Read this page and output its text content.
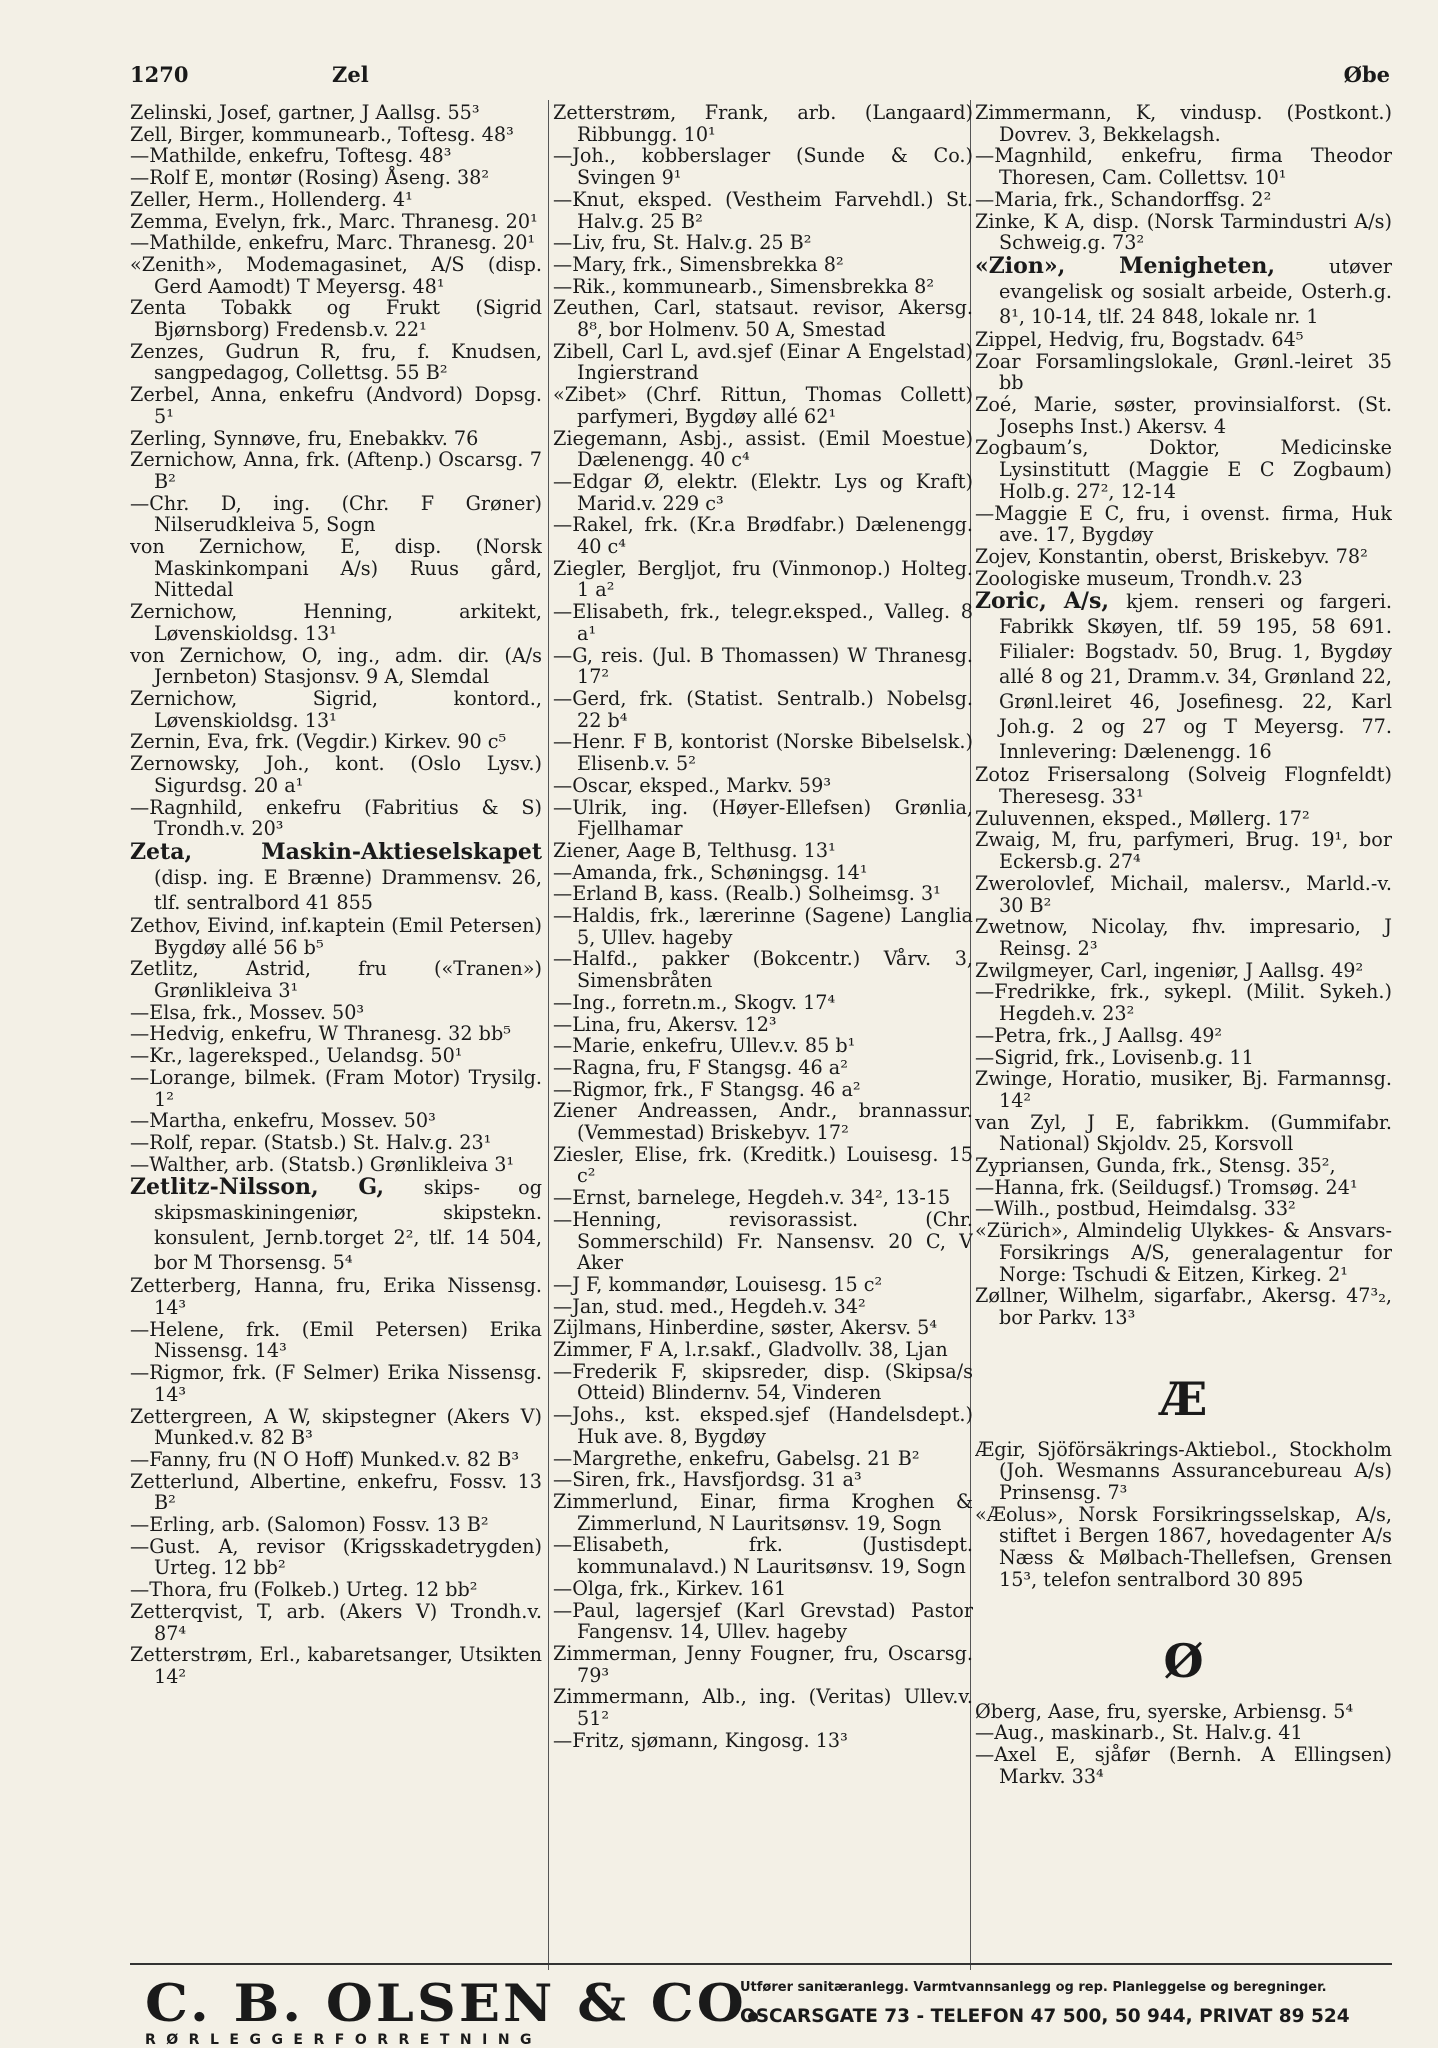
1270	Zel	Øbe

Zelinski, Josef, gartner, J Aallsg. 55³

Zell, Birger, kommunearb., Toftesg. 48³

—Mathilde, enkefru, Toftesg. 48³

—Rolf E, montør (Rosing) Åseng. 38²

Zeller, Herm., Hollenderg. 4¹

Zemma, Evelyn, frk., Marc. Thranesg. 20¹

—Mathilde, enkefru, Marc. Thranesg. 20¹

«Zenith», Modemagasinet, A/S (disp. Gerd Aamodt) T Meyersg. 48¹

Zenta Tobakk og Frukt (Sigrid Bjørnsborg) Fredensb.v. 22¹

Zenzes, Gudrun R, fru, f. Knudsen, sangpedagog, Collettsg. 55 B²

Zerbel, Anna, enkefru (Andvord) Dopsg. 5¹

Zerling, Synnøve, fru, Enebakkv. 76

Zernichow, Anna, frk. (Aftenp.) Oscarsg. 7 B²

—Chr. D, ing. (Chr. F Grøner) Nilserudkleiva 5, Sogn

von Zernichow, E, disp. (Norsk Maskinkompani A/s) Ruus gård, Nittedal

Zernichow, Henning, arkitekt, Løvenskioldsg. 13¹

von Zernichow, O, ing., adm. dir. (A/s Jernbeton) Stasjonsv. 9 A, Slemdal

Zernichow, Sigrid, kontord., Løvenskioldsg. 13¹

Zernin, Eva, frk. (Vegdir.) Kirkev. 90 c⁵

Zernowsky, Joh., kont. (Oslo Lysv.) Sigurdsg. 20 a¹

—Ragnhild, enkefru (Fabritius & S) Trondh.v. 20³

Zeta, Maskin-Aktieselskapet (disp. ing. E Brænne) Drammensv. 26, tlf. sentralbord 41 855

Zethov, Eivind, inf.kaptein (Emil Petersen) Bygdøy allé 56 b⁵

Zetlitz, Astrid, fru («Tranen») Grønlikleiva 3¹

—Elsa, frk., Mossev. 50³

—Hedvig, enkefru, W Thranesg. 32 bb⁵

—Kr., lagereksped., Uelandsg. 50¹

—Lorange, bilmek. (Fram Motor) Trysilg. 1²

—Martha, enkefru, Mossev. 50³

—Rolf, repar. (Statsb.) St. Halv.g. 23¹

—Walther, arb. (Statsb.) Grønlikleiva 3¹

Zetlitz-Nilsson, G, skips- og skipsmaskiningeniør, skipstekn. konsulent, Jernb.torget 2², tlf. 14 504, bor M Thorsensg. 5⁴

Zetterberg, Hanna, fru, Erika Nissensg. 14³

—Helene, frk. (Emil Petersen) Erika Nissensg. 14³

—Rigmor, frk. (F Selmer) Erika Nissensg. 14³

Zettergreen, A W, skipstegner (Akers V) Munked.v. 82 B³

—Fanny, fru (N O Hoff) Munked.v. 82 B³

Zetterlund, Albertine, enkefru, Fossv. 13 B²

—Erling, arb. (Salomon) Fossv. 13 B²

—Gust. A, revisor (Krigsskadetrygden) Urteg. 12 bb²

—Thora, fru (Folkeb.) Urteg. 12 bb²

Zetterqvist, T, arb. (Akers V) Trondh.v. 87⁴

Zetterstrøm, Erl., kabaretsanger, Utsikten 14²

Zetterstrøm, Frank, arb. (Langaard) Ribbungg. 10¹

—Joh., kobberslager (Sunde & Co.) Svingen 9¹

—Knut, eksped. (Vestheim Farvehdl.) St. Halv.g. 25 B²

—Liv, fru, St. Halv.g. 25 B²

—Mary, frk., Simensbrekka 8²

—Rik., kommunearb., Simensbrekka 8²

Zeuthen, Carl, statsaut. revisor, Akersg. 8⁸, bor Holmenv. 50 A, Smestad

Zibell, Carl L, avd.sjef (Einar A Engelstad) Ingierstrand

«Zibet» (Chrf. Rittun, Thomas Collett) parfymeri, Bygdøy allé 62¹

Ziegemann, Asbj., assist. (Emil Moestue) Dælenengg. 40 c⁴

—Edgar Ø, elektr. (Elektr. Lys og Kraft) Marid.v. 229 c³

—Rakel, frk. (Kr.a Brødfabr.) Dælenengg. 40 c⁴

Ziegler, Bergljot, fru (Vinmonop.) Holteg. 1 a²

—Elisabeth, frk., telegr.eksped., Valleg. 8 a¹

—G, reis. (Jul. B Thomassen) W Thranesg. 17²

—Gerd, frk. (Statist. Sentralb.) Nobelsg. 22 b⁴

—Henr. F B, kontorist (Norske Bibelselsk.) Elisenb.v. 5²

—Oscar, eksped., Markv. 59³

—Ulrik, ing. (Høyer-Ellefsen) Grønlia, Fjellhamar

Ziener, Aage B, Telthusg. 13¹

—Amanda, frk., Schøningsg. 14¹

—Erland B, kass. (Realb.) Solheimsg. 3¹

—Haldis, frk., lærerinne (Sagene) Langlia 5, Ullev. hageby

—Halfd., pakker (Bokcentr.) Vårv. 3, Simensbråten

—Ing., forretn.m., Skogv. 17⁴

—Lina, fru, Akersv. 12³

—Marie, enkefru, Ullev.v. 85 b¹

—Ragna, fru, F Stangsg. 46 a²

—Rigmor, frk., F Stangsg. 46 a²

Ziener Andreassen, Andr., brannassur. (Vemmestad) Briskebyv. 17²

Ziesler, Elise, frk. (Kreditk.) Louisesg. 15 c²

—Ernst, barnelege, Hegdeh.v. 34², 13-15

—Henning, revisorassist. (Chr. Sommerschild) Fr. Nansensv. 20 C, V Aker

—J F, kommandør, Louisesg. 15 c²

—Jan, stud. med., Hegdeh.v. 34²

Zijlmans, Hinberdine, søster, Akersv. 5⁴

Zimmer, F A, l.r.sakf., Gladvollv. 38, Ljan

—Frederik F, skipsreder, disp. (Skipsa/s Otteid) Blindernv. 54, Vinderen

—Johs., kst. eksped.sjef (Handelsdept.) Huk ave. 8, Bygdøy

—Margrethe, enkefru, Gabelsg. 21 B²

—Siren, frk., Havsfjordsg. 31 a³

Zimmerlund, Einar, firma Kroghen & Zimmerlund, N Lauritsønsv. 19, Sogn

—Elisabeth, frk. (Justisdept. kommunalavd.) N Lauritsønsv. 19, Sogn

—Olga, frk., Kirkev. 161

—Paul, lagersjef (Karl Grevstad) Pastor Fangensv. 14, Ullev. hageby

Zimmerman, Jenny Fougner, fru, Oscarsg. 79³

Zimmermann, Alb., ing. (Veritas) Ullev.v. 51²

—Fritz, sjømann, Kingosg. 13³

Zimmermann, K, vindusp. (Postkont.) Dovrev. 3, Bekkelagsh.

—Magnhild, enkefru, firma Theodor Thoresen, Cam. Collettsv. 10¹

—Maria, frk., Schandorffsg. 2²

Zinke, K A, disp. (Norsk Tarmindustri A/s) Schweig.g. 73²

«Zion», Menigheten,	utøver evangelisk og sosialt arbeide, Osterh.g. 8¹, 10-14, tlf. 24 848, lokale nr. 1

Zippel, Hedvig, fru, Bogstadv. 64⁵

Zoar Forsamlingslokale, Grønl.-leiret 35 bb

Zoé, Marie, søster, provinsialforst. (St. Josephs Inst.) Akersv. 4

Zogbaum’s, Doktor, Medicinske Lysinstitutt (Maggie E C Zogbaum) Holb.g. 27², 12-14

—Maggie E C, fru, i ovenst. firma, Huk ave. 17, Bygdøy

Zojev, Konstantin, oberst, Briskebyv. 78²

Zoologiske museum, Trondh.v. 23

Zoric, A/s, kjem. renseri og fargeri. Fabrikk Skøyen, tlf. 59 195, 58 691. Filialer: Bogstadv. 50, Brug. 1, Bygdøy allé 8 og 21, Dramm.v. 34, Grønland 22, Grønl.leiret 46, Josefinesg. 22, Karl Joh.g. 2 og 27 og T Meyersg. 77. Innlevering: Dælenengg. 16

Zotoz Frisersalong (Solveig Flognfeldt) Theresesg. 33¹

Zuluvennen, eksped., Møllerg. 17²

Zwaig, M, fru, parfymeri, Brug. 19¹, bor Eckersb.g. 27⁴

Zwerolovlef, Michail, malersv., Marld.-v. 30 B²

Zwetnow, Nicolay, fhv. impresario, J Reinsg. 2³

Zwilgmeyer, Carl, ingeniør, J Aallsg. 49²

—Fredrikke, frk., sykepl. (Milit. Sykeh.) Hegdeh.v. 23²

—Petra, frk., J Aallsg. 49²

—Sigrid, frk., Lovisenb.g. 11

Zwinge, Horatio, musiker, Bj. Farmannsg. 14²

van Zyl, J E, fabrikkm. (Gummifabr. National) Skjoldv. 25, Korsvoll

Zypriansen, Gunda, frk., Stensg. 35²,

—Hanna, frk. (Seildugsf.) Tromsøg. 24¹

—Wilh., postbud, Heimdalsg. 33²

«Zürich», Almindelig Ulykkes- & Ansvars-Forsikrings A/S, generalagentur for Norge: Tschudi & Eitzen, Kirkeg. 2¹

Zøllner, Wilhelm, sigarfabr., Akersg. 47³₂, bor Parkv. 13³

Æ

Ægir, Sjöförsäkrings-Aktiebol., Stockholm (Joh. Wesmanns Assurancebureau A/s) Prinsensg. 7³

«Æolus», Norsk Forsikringsselskap, A/s, stiftet i Bergen 1867, hovedagenter A/s Næss & Mølbach-Thellefsen, Grensen 15³, telefon sentralbord 30 895

Ø

Øberg, Aase, fru, syerske, Arbiensg. 5⁴

—Aug., maskinarb., St. Halv.g. 41

—Axel E, sjåfør (Bernh. A Ellingsen) Markv. 33⁴

C. B. OLSEN & CO.
RØRLEGGERFORRETNING
Utfører sanitæranlegg. Varmtvannsanlegg og rep. Planleggelse og beregninger.
OSCARSGATE 73 - TELEFON 47 500, 50 944, PRIVAT 89 524
